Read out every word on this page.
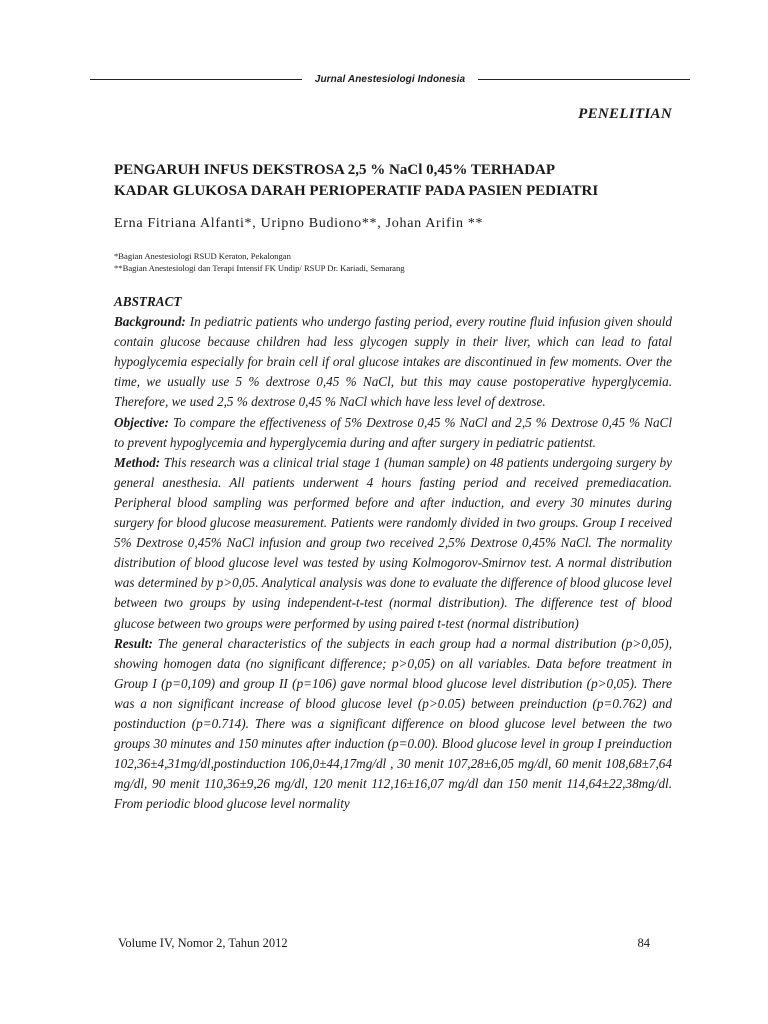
Jurnal Anestesiologi Indonesia
PENELITIAN
PENGARUH INFUS DEKSTROSA 2,5 % NaCl 0,45% TERHADAP
KADAR GLUKOSA DARAH PERIOPERATIF PADA PASIEN PEDIATRI
Erna Fitriana Alfanti*, Uripno Budiono**, Johan Arifin **
*Bagian Anestesiologi RSUD Keraton, Pekalongan
**Bagian Anestesiologi dan Terapi Intensif FK Undip/ RSUP Dr. Kariadi, Semarang

ABSTRACT

Background: In pediatric patients who undergo fasting period, every routine fluid infusion given should contain glucose because children had less glycogen supply in their liver, which can lead to fatal hypoglycemia especially for brain cell if oral glucose intakes are discontinued in few moments. Over the time, we usually use 5 % dextrose 0,45 % NaCl, but this may cause postoperative hyperglycemia. Therefore, we used 2,5 % dextrose 0,45 % NaCl which have less level of dextrose.

Objective: To compare the effectiveness of 5% Dextrose 0,45 % NaCl and 2,5 % Dextrose 0,45 % NaCl to prevent hypoglycemia and hyperglycemia during and after surgery in pediatric patientst.

Method: This research was a clinical trial stage 1 (human sample) on 48 patients undergoing surgery by general anesthesia. All patients underwent 4 hours fasting period and received premediacation. Peripheral blood sampling was performed before and after induction, and every 30 minutes during surgery for blood glucose measurement. Patients were randomly divided in two groups. Group I received 5% Dextrose 0,45% NaCl infusion and group two received 2,5% Dextrose 0,45% NaCl. The normality distribution of blood glucose level was tested by using Kolmogorov-Smirnov test. A normal distribution was determined by p>0,05. Analytical analysis was done to evaluate the difference of blood glucose level between two groups by using independent-t-test (normal distribution). The difference test of blood glucose between two groups were performed by using paired t-test (normal distribution)

Result: The general characteristics of the subjects in each group had a normal distribution (p>0,05), showing homogen data (no significant difference; p>0,05) on all variables. Data before treatment in Group I (p=0,109) and group II (p=106) gave normal blood glucose level distribution (p>0,05). There was a non significant increase of blood glucose level (p>0.05) between preinduction (p=0.762) and postinduction (p=0.714). There was a significant difference on blood glucose level between the two groups 30 minutes and 150 minutes after induction (p=0.00). Blood glucose level in group I preinduction 102,36±4,31mg/dl,postinduction 106,0±44,17mg/dl , 30 menit 107,28±6,05 mg/dl, 60 menit 108,68±7,64 mg/dl, 90 menit 110,36±9,26 mg/dl, 120 menit 112,16±16,07 mg/dl dan 150 menit 114,64±22,38mg/dl. From periodic blood glucose level normality

Volume IV, Nomor 2, Tahun 2012	84
